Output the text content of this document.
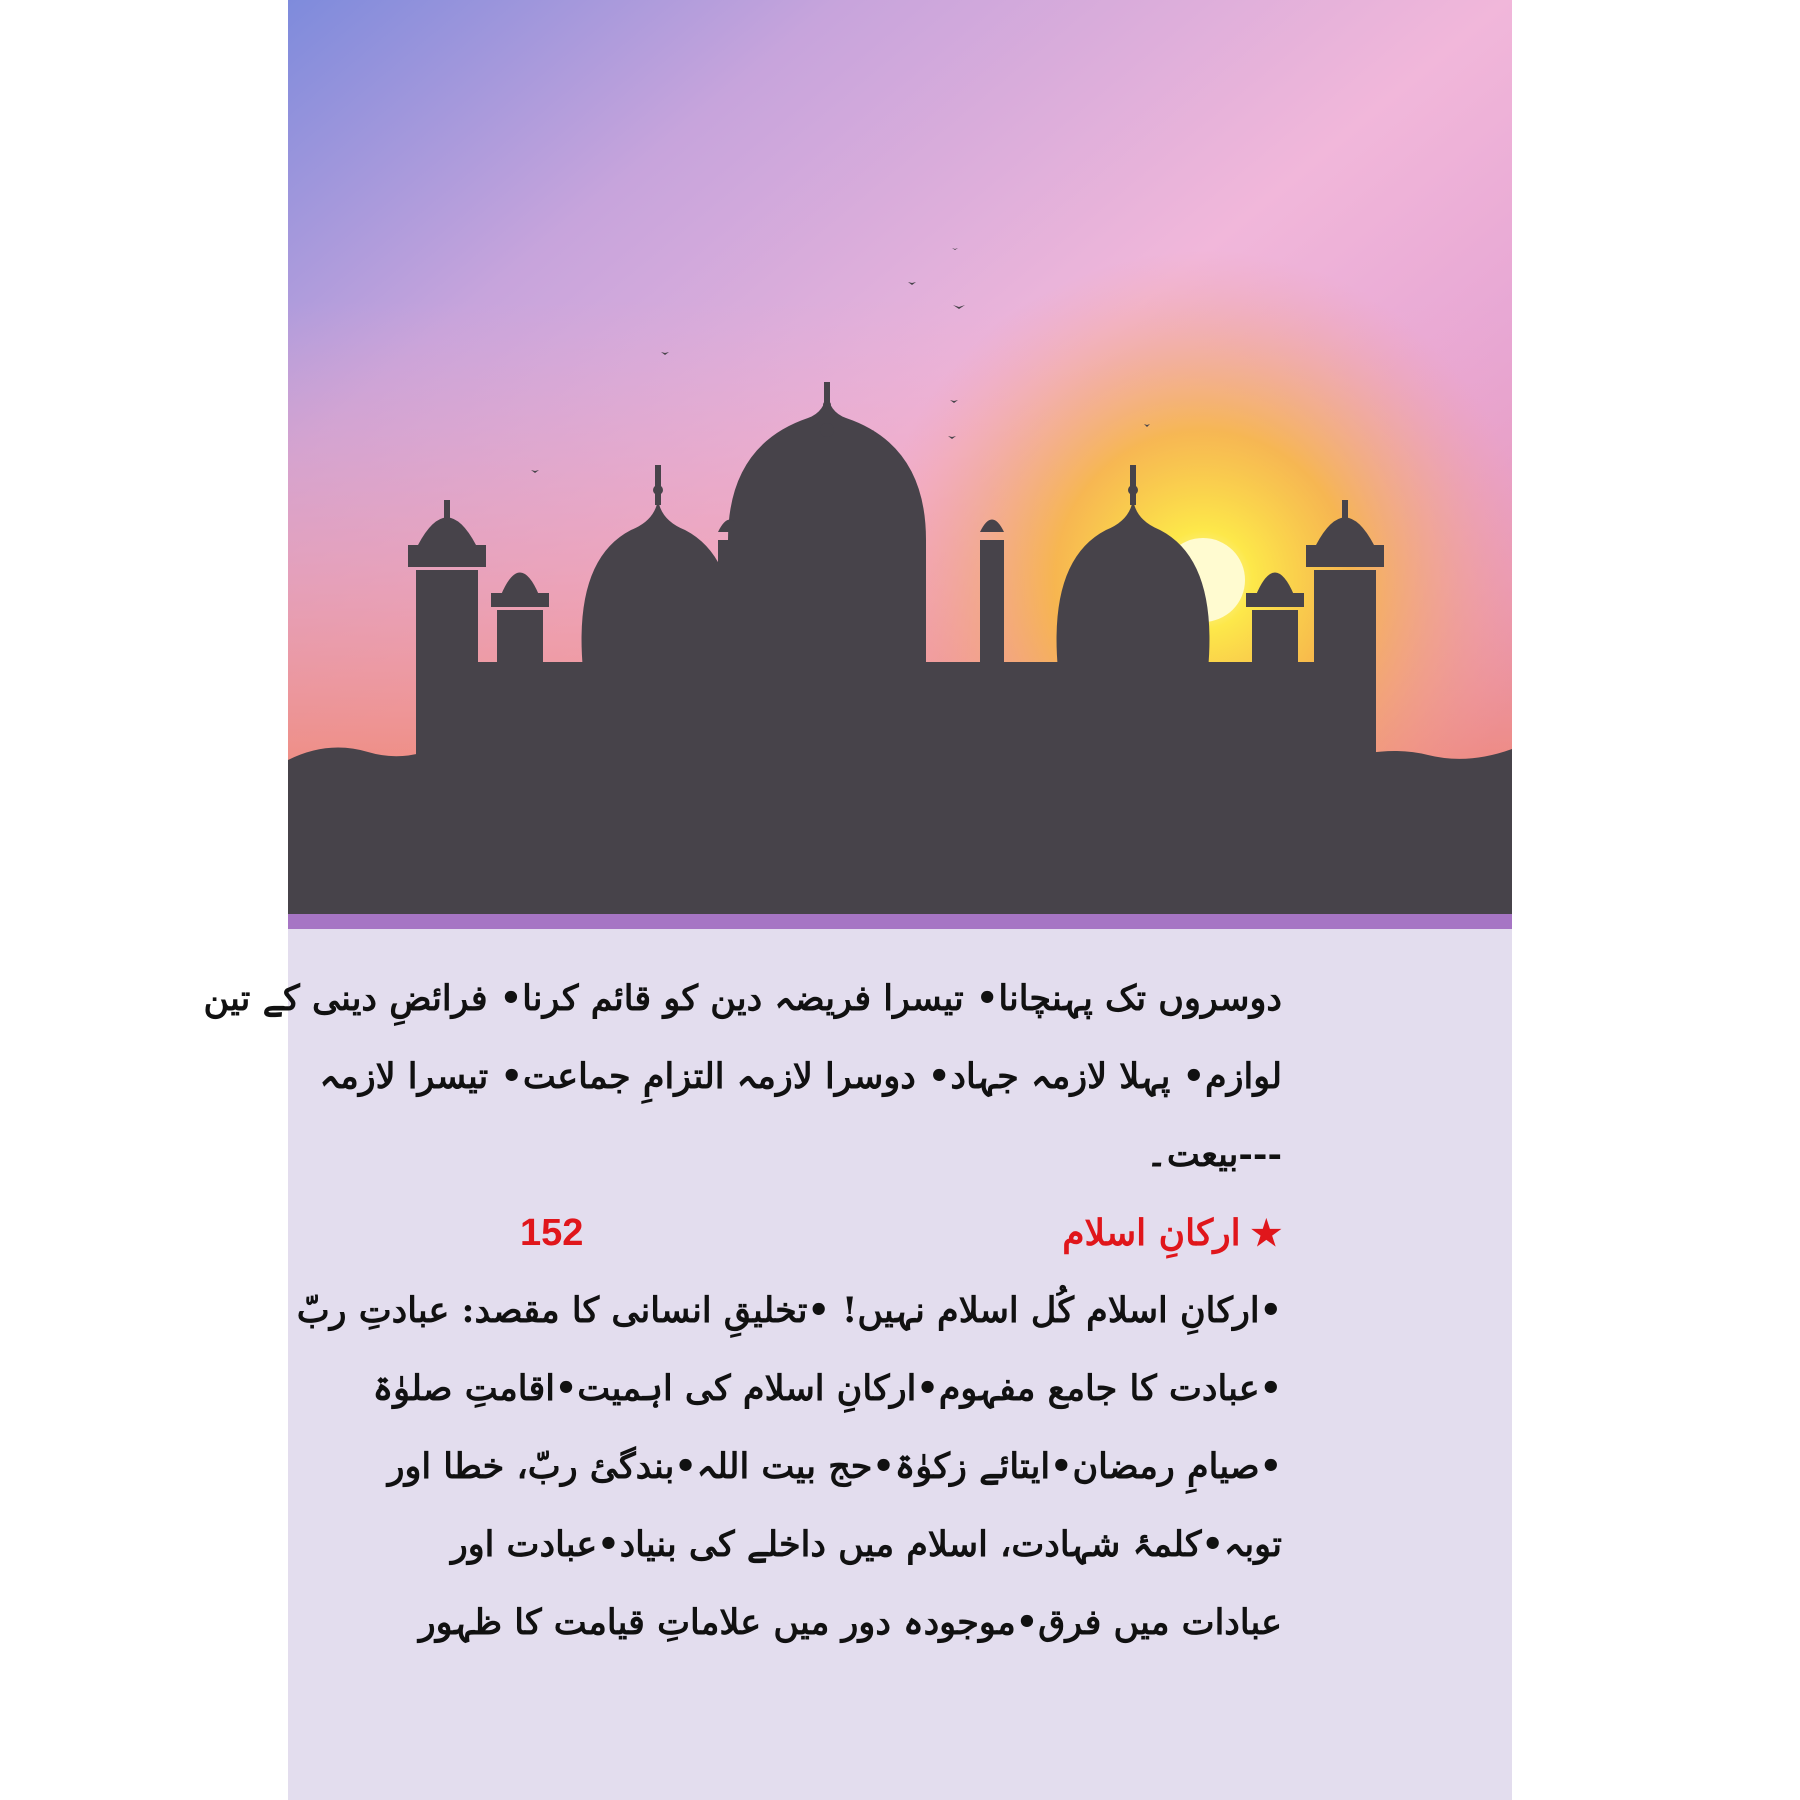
دوسروں تک پہنچانا• تیسرا فریضہ دین کو قائم کرنا• فرائضِ دینی کے تین
لوازم• پہلا لازمہ جہاد• دوسرا لازمہ التزامِ جماعت• تیسرا لازمہ
---بیعت۔
★ارکانِ اسلام
152
•ارکانِ اسلام کُل اسلام نہیں! •تخلیقِ انسانی کا مقصد: عبادتِ ربّ
•عبادت کا جامع مفہوم•ارکانِ اسلام کی اہمیت•اقامتِ صلوٰۃ
•صیامِ رمضان•ایتائے زکوٰۃ•حج بیت اللہ•بندگیٔ ربّ، خطا اور
توبہ•کلمۂ شہادت، اسلام میں داخلے کی بنیاد•عبادت اور
عبادات میں فرق•موجودہ دور میں علاماتِ قیامت کا ظہور
